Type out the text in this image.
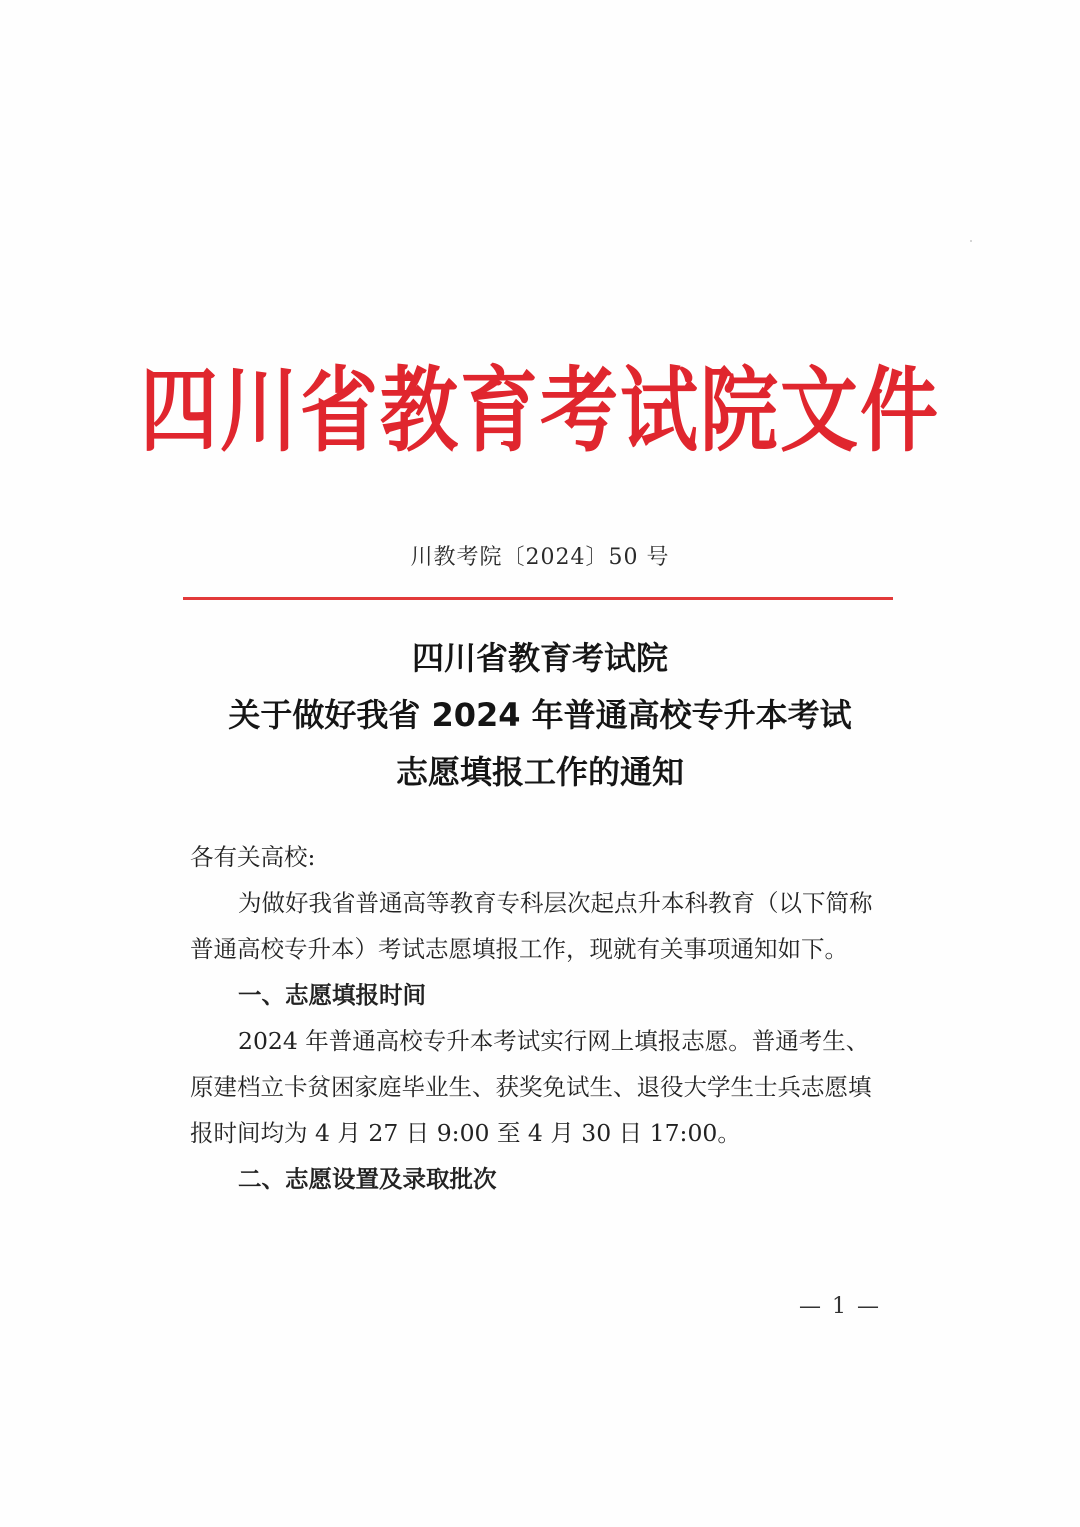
四川省教育考试院文件
川教考院〔2024〕50 号
四川省教育考试院
关于做好我省 2024 年普通高校专升本考试
志愿填报工作的通知

各有关高校:

为做好我省普通高等教育专科层次起点升本科教育（以下简称普通高校专升本）考试志愿填报工作，现就有关事项通知如下。

一、志愿填报时间

2024 年普通高校专升本考试实行网上填报志愿。普通考生、原建档立卡贫困家庭毕业生、获奖免试生、退役大学生士兵志愿填报时间均为 4 月 27 日 9:00 至 4 月 30 日 17:00。

二、志愿设置及录取批次

— 1 —
